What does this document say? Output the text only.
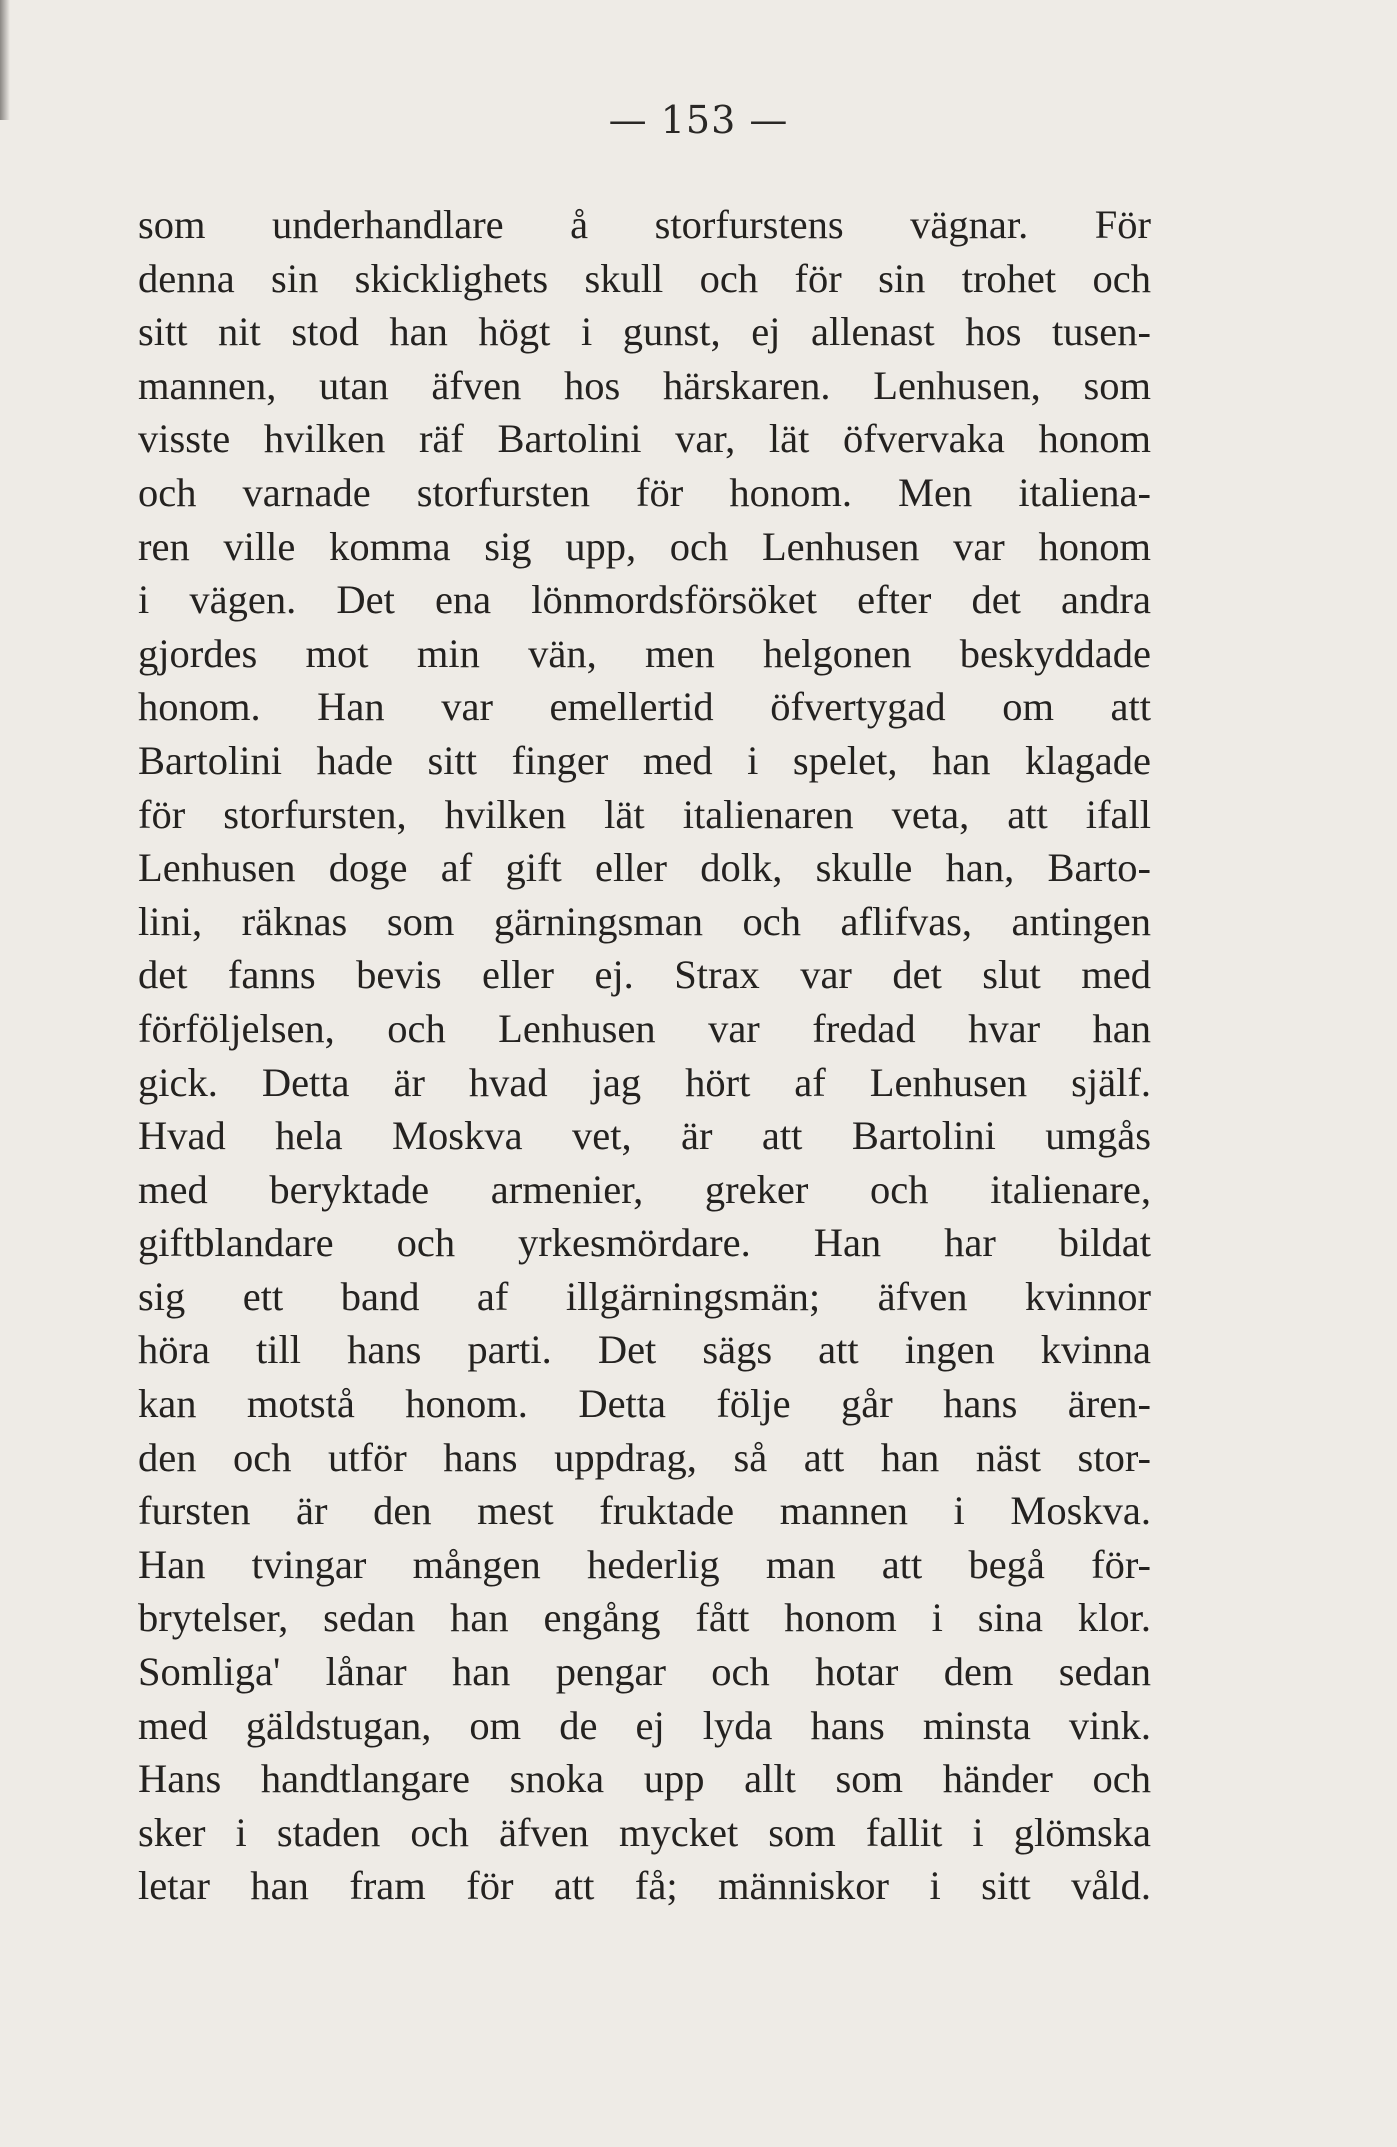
— 153 —
som underhandlare å storfurstens vägnar. För
denna sin skicklighets skull och för sin trohet och
sitt nit stod han högt i gunst, ej allenast hos tusen-
mannen, utan äfven hos härskaren. Lenhusen, som
visste hvilken räf Bartolini var, lät öfvervaka honom
och varnade storfursten för honom. Men italiena-
ren ville komma sig upp, och Lenhusen var honom
i vägen. Det ena lönmordsförsöket efter det andra
gjordes mot min vän, men helgonen beskyddade
honom. Han var emellertid öfvertygad om att
Bartolini hade sitt finger med i spelet, han klagade
för storfursten, hvilken lät italienaren veta, att ifall
Lenhusen doge af gift eller dolk, skulle han, Barto-
lini, räknas som gärningsman och aflifvas, antingen
det fanns bevis eller ej. Strax var det slut med
förföljelsen, och Lenhusen var fredad hvar han
gick. Detta är hvad jag hört af Lenhusen själf.
Hvad hela Moskva vet, är att Bartolini umgås
med beryktade armenier, greker och italienare,
giftblandare och yrkesmördare. Han har bildat
sig ett band af illgärningsmän; äfven kvinnor
höra till hans parti. Det sägs att ingen kvinna
kan motstå honom. Detta följe går hans ären-
den och utför hans uppdrag, så att han näst stor-
fursten är den mest fruktade mannen i Moskva.
Han tvingar mången hederlig man att begå för-
brytelser, sedan han engång fått honom i sina klor.
Somliga' lånar han pengar och hotar dem sedan
med gäldstugan, om de ej lyda hans minsta vink.
Hans handtlangare snoka upp allt som händer och
sker i staden och äfven mycket som fallit i glömska
letar han fram för att få; människor i sitt våld.
